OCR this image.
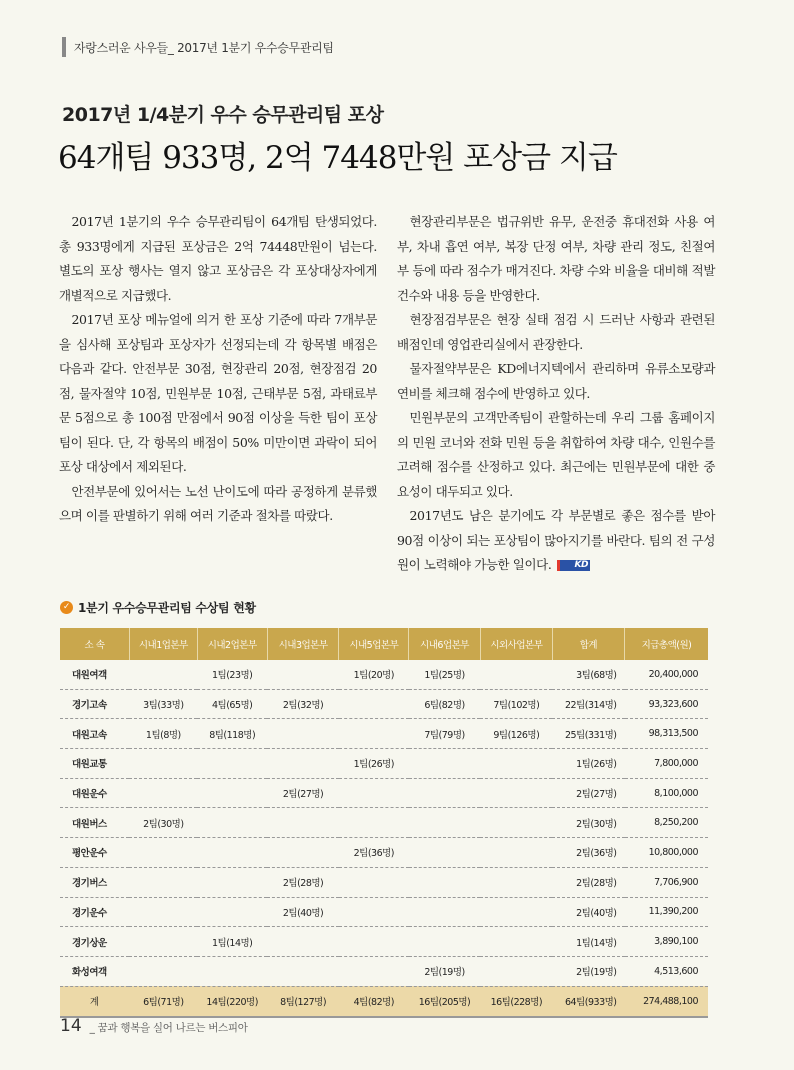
자랑스러운 사우들_ 2017년 1분기 우수승무관리팀
2017년 1/4분기 우수 승무관리팀 포상
64개팀 933명, 2억 7448만원 포상금 지급

2017년 1분기의 우수 승무관리팀이 64개팀 탄생되었다. 총 933명에게 지급된 포상금은 2억 74448만원이 넘는다. 별도의 포상 행사는 열지 않고 포상금은 각 포상대상자에게 개별적으로 지급했다.

2017년 포상 메뉴얼에 의거 한 포상 기준에 따라 7개부문을 심사해 포상팀과 포상자가 선정되는데 각 항목별 배점은 다음과 같다. 안전부문 30점, 현장관리 20점, 현장점검 20점, 물자절약 10점, 민원부문 10점, 근태부문 5점, 과태료부문 5점으로 총 100점 만점에서 90점 이상을 득한 팀이 포상팀이 된다. 단, 각 항목의 배점이 50% 미만이면 과락이 되어 포상 대상에서 제외된다.

안전부문에 있어서는 노선 난이도에 따라 공정하게 분류했으며 이를 판별하기 위해 여러 기준과 절차를 따랐다.

현장관리부문은 법규위반 유무, 운전중 휴대전화 사용 여부, 차내 흡연 여부, 복장 단정 여부, 차량 관리 정도, 친절여부 등에 따라 점수가 매겨진다. 차량 수와 비율을 대비해 적발 건수와 내용 등을 반영한다.

현장점검부문은 현장 실태 점검 시 드러난 사항과 관련된 배점인데 영업관리실에서 관장한다.

물자절약부문은 KD에너지텍에서 관리하며 유류소모량과 연비를 체크해 점수에 반영하고 있다.

민원부문의 고객만족팀이 관할하는데 우리 그룹 홈페이지의 민원 코너와 전화 민원 등을 취합하여 차량 대수, 인원수를 고려해 점수를 산정하고 있다. 최근에는 민원부문에 대한 중요성이 대두되고 있다.

2017년도 남은 분기에도 각 부문별로 좋은 점수를 받아 90점 이상이 되는 포상팀이 많아지기를 바란다. 팀의 전 구성원이 노력해야 가능한 일이다.	KD

✓ 1분기 우수승무관리팀 수상팀 현황
소 속	시내1업본부	시내2업본부	시내3업본부	시내5업본부	시내6업본부	시외사업본부	합계	지급총액(원)
대원여객		1팀(23명)		1팀(20명)	1팀(25명)		3팀(68명)	20,400,000
경기고속	3팀(33명)	4팀(65명)	2팀(32명)		6팀(82명)	7팀(102명)	22팀(314명)	93,323,600
대원고속	1팀(8명)	8팀(118명)			7팀(79명)	9팀(126명)	25팀(331명)	98,313,500
대원교통				1팀(26명)			1팀(26명)	7,800,000
대원운수			2팀(27명)				2팀(27명)	8,100,000
대원버스	2팀(30명)						2팀(30명)	8,250,200
평안운수				2팀(36명)			2팀(36명)	10,800,000
경기버스			2팀(28명)				2팀(28명)	7,706,900
경기운수			2팀(40명)				2팀(40명)	11,390,200
경기상운		1팀(14명)					1팀(14명)	3,890,100
화성여객					2팀(19명)		2팀(19명)	4,513,600
계	6팀(71명)	14팀(220명)	8팀(127명)	4팀(82명)	16팀(205명)	16팀(228명)	64팀(933명)	274,488,100
14 _ 꿈과 행복을 실어 나르는 버스피아
